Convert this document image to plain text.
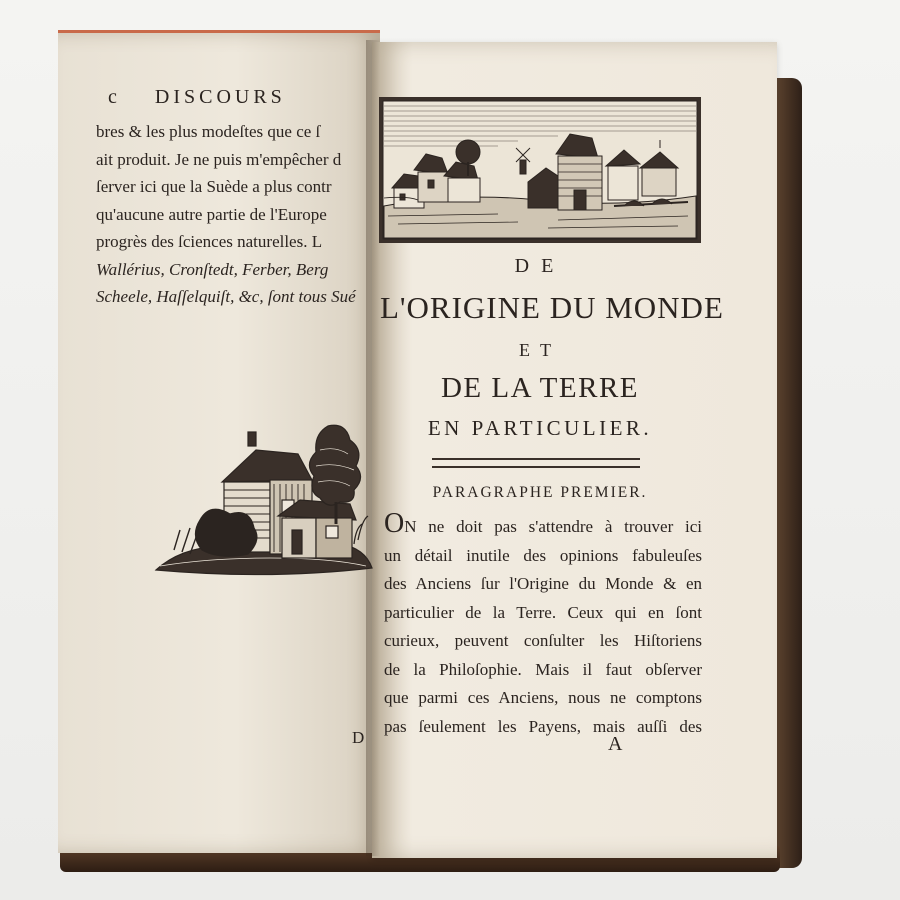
c DISCOURS
bres & les plus modeſtes que ce ſ
ait produit. Je ne puis m'empêcher d
ſerver ici que la Suède a plus contr
qu'aucune autre partie de l'Europe
progrès des ſciences naturelles. L
Wallérius, Cronſtedt, Ferber, Berg
Scheele, Haſſelquiſt, &c, ſont tous Sué
D
DE
L'ORIGINE DU MONDE
ET
DE LA TERRE
EN PARTICULIER.
PARAGRAPHE PREMIER.
ON ne doit pas s'attendre à trouver ici
un détail inutile des opinions fabuleuſes
des Anciens ſur l'Origine du Monde & en
particulier de la Terre. Ceux qui en ſont
curieux, peuvent conſulter les Hiſtoriens
de la Philoſophie. Mais il faut obſerver
que parmi ces Anciens, nous ne comptons
pas ſeulement les Payens, mais auſſi des
A
